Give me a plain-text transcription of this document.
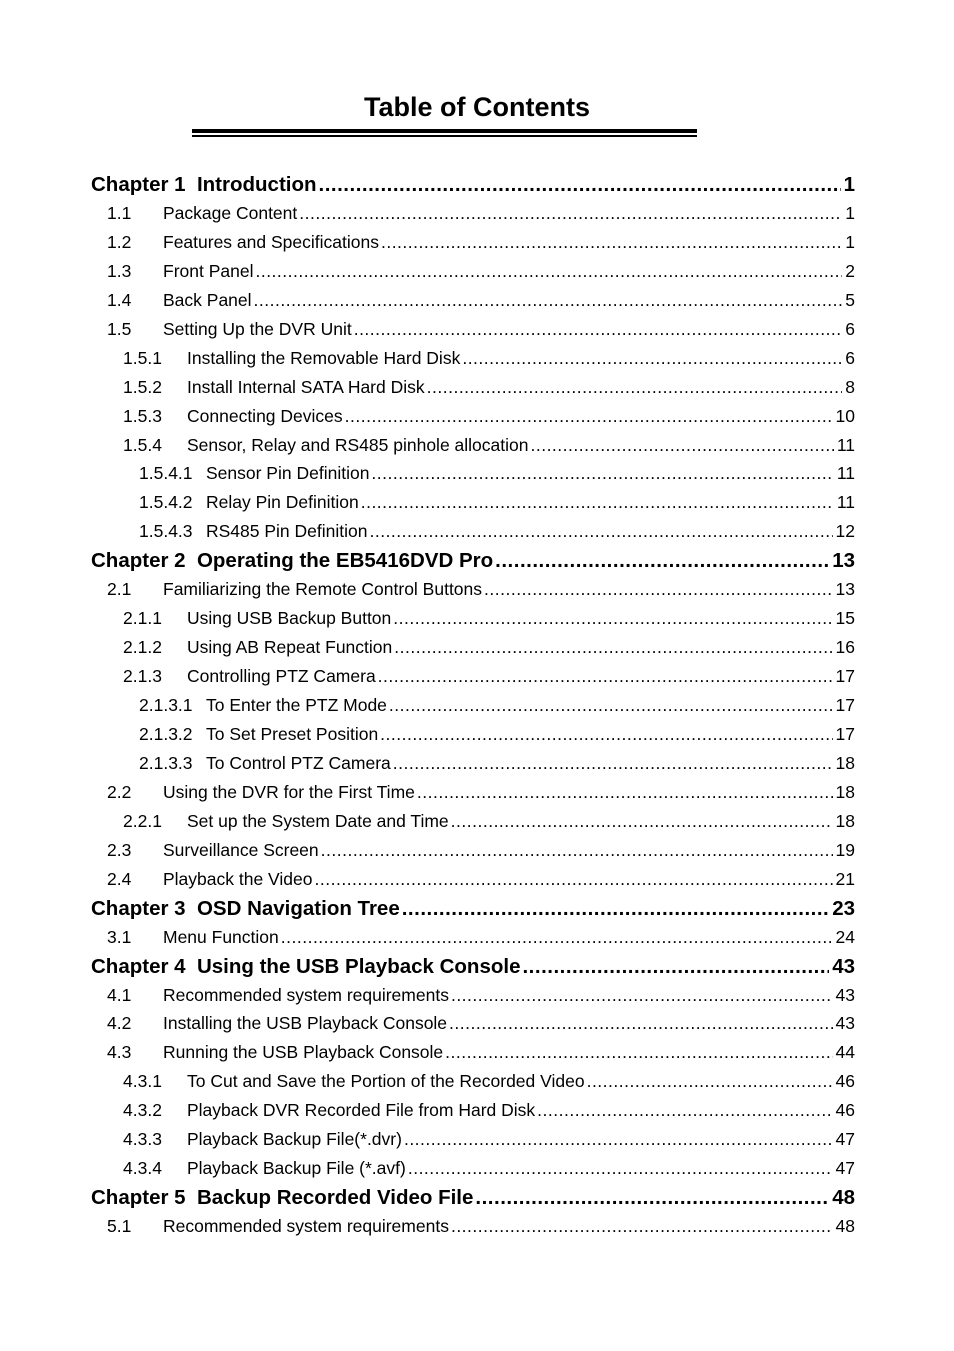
Table of Contents
Chapter 1 Introduction .....	1
1.1	Package Content .....	1
1.2	Features and Specifications .....	1
1.3	Front Panel .....	2
1.4	Back Panel .....	5
1.5	Setting Up the DVR Unit .....	6
1.5.1	Installing the Removable Hard Disk .....	6
1.5.2	Install Internal SATA Hard Disk .....	8
1.5.3	Connecting Devices .....	10
1.5.4	Sensor, Relay and RS485 pinhole allocation .....	11
1.5.4.1 Sensor Pin Definition .....	11
1.5.4.2 Relay Pin Definition .....	11
1.5.4.3 RS485 Pin Definition .....	12
Chapter 2 Operating the EB5416DVD Pro .....	13
2.1	Familiarizing the Remote Control Buttons .....	13
2.1.1	Using USB Backup Button .....	15
2.1.2	Using AB Repeat Function .....	16
2.1.3	Controlling PTZ Camera .....	17
2.1.3.1 To Enter the PTZ Mode .....	17
2.1.3.2 To Set Preset Position .....	17
2.1.3.3 To Control PTZ Camera .....	18
2.2	Using the DVR for the First Time .....	18
2.2.1	Set up the System Date and Time .....	18
2.3	Surveillance Screen .....	19
2.4	Playback the Video .....	21
Chapter 3 OSD Navigation Tree .....	23
3.1	Menu Function .....	24
Chapter 4 Using the USB Playback Console .....	43
4.1	Recommended system requirements .....	43
4.2	Installing the USB Playback Console .....	43
4.3	Running the USB Playback Console .....	44
4.3.1	To Cut and Save the Portion of the Recorded Video .....	46
4.3.2	Playback DVR Recorded File from Hard Disk .....	46
4.3.3	Playback Backup File(*.dvr) .....	47
4.3.4	Playback Backup File (*.avf) .....	47
Chapter 5 Backup Recorded Video File .....	48
5.1	Recommended system requirements .....	48
